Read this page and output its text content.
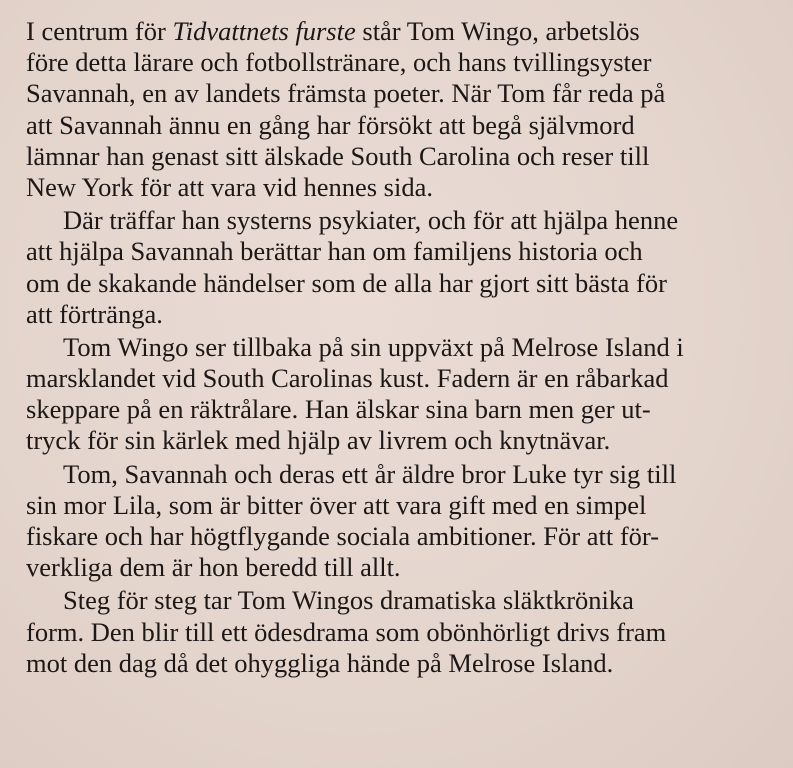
I centrum för Tidvattnets furste står Tom Wingo, arbetslös
före detta lärare och fotbollstränare, och hans tvillingsyster
Savannah, en av landets främsta poeter. När Tom får reda på
att Savannah ännu en gång har försökt att begå självmord
lämnar han genast sitt älskade South Carolina och reser till
New York för att vara vid hennes sida.

Där träffar han systerns psykiater, och för att hjälpa henne
att hjälpa Savannah berättar han om familjens historia och
om de skakande händelser som de alla har gjort sitt bästa för
att förtränga.

Tom Wingo ser tillbaka på sin uppväxt på Melrose Island i
marsklandet vid South Carolinas kust. Fadern är en råbarkad
skeppare på en räktrålare. Han älskar sina barn men ger ut-
tryck för sin kärlek med hjälp av livrem och knytnävar.

Tom, Savannah och deras ett år äldre bror Luke tyr sig till
sin mor Lila, som är bitter över att vara gift med en simpel
fiskare och har högtflygande sociala ambitioner. För att för-
verkliga dem är hon beredd till allt.

Steg för steg tar Tom Wingos dramatiska släktkrönika
form. Den blir till ett ödesdrama som obönhörligt drivs fram
mot den dag då det ohyggliga hände på Melrose Island.
